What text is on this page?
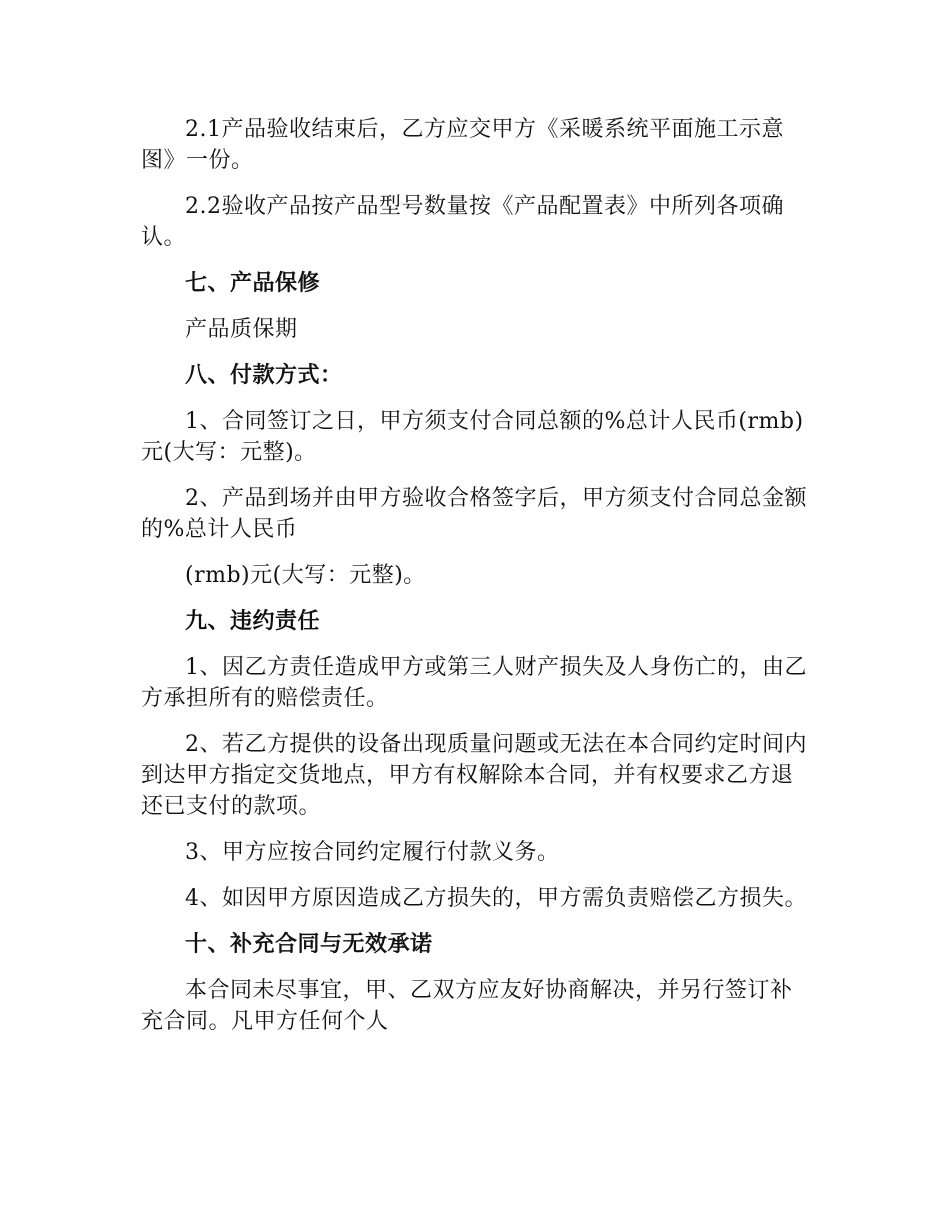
2.1产品验收结束后，乙方应交甲方《采暖系统平面施工示意图》一份。

2.2验收产品按产品型号数量按《产品配置表》中所列各项确认。

七、产品保修

产品质保期

八、付款方式：

1、合同签订之日，甲方须支付合同总额的%总计人民币(rmb)元(大写：元整)。

2、产品到场并由甲方验收合格签字后，甲方须支付合同总金额的%总计人民币

(rmb)元(大写：元整)。

九、违约责任

1、因乙方责任造成甲方或第三人财产损失及人身伤亡的，由乙方承担所有的赔偿责任。

2、若乙方提供的设备出现质量问题或无法在本合同约定时间内到达甲方指定交货地点，甲方有权解除本合同，并有权要求乙方退还已支付的款项。

3、甲方应按合同约定履行付款义务。

4、如因甲方原因造成乙方损失的，甲方需负责赔偿乙方损失。

十、补充合同与无效承诺

本合同未尽事宜，甲、乙双方应友好协商解决，并另行签订补充合同。凡甲方任何个人
